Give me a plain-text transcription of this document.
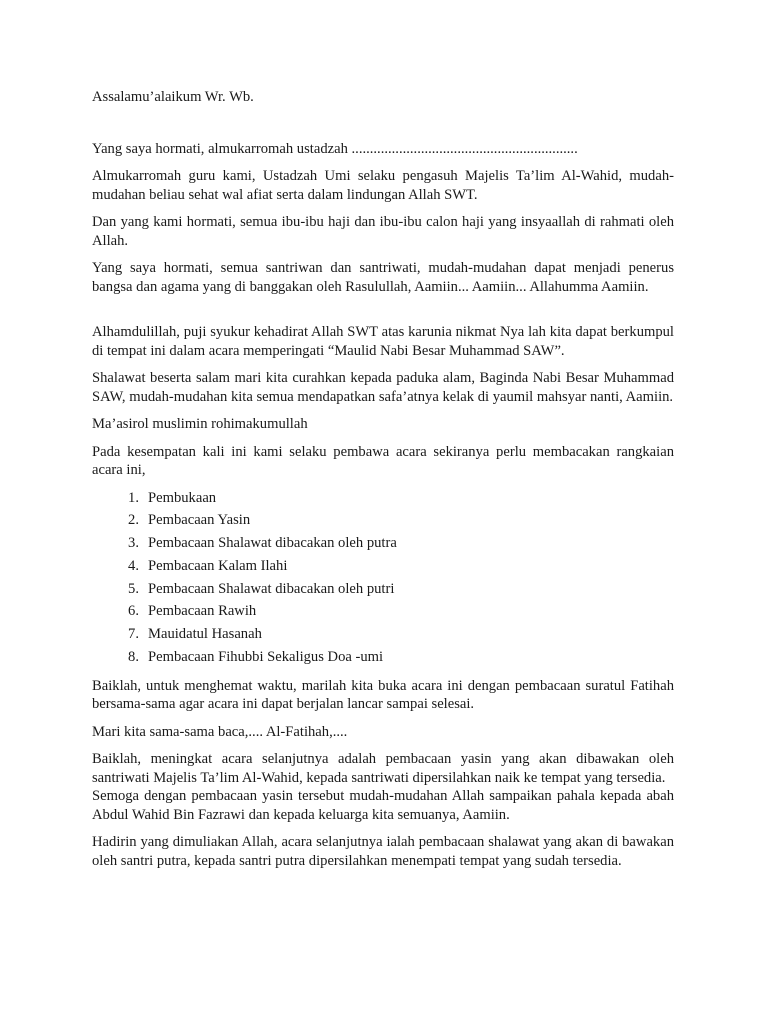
Assalamu’alaikum Wr. Wb.

Yang saya hormati, almukarromah ustadzah ..............................................................

Almukarromah guru kami, Ustadzah Umi selaku pengasuh Majelis Ta’lim Al-Wahid, mudah-mudahan beliau sehat wal afiat serta dalam lindungan Allah SWT.

Dan yang kami hormati, semua ibu-ibu haji dan ibu-ibu calon haji yang insyaallah di rahmati oleh Allah.

Yang saya hormati, semua santriwan dan santriwati, mudah-mudahan dapat menjadi penerus bangsa dan agama yang di banggakan oleh Rasulullah, Aamiin... Aamiin... Allahumma Aamiin.

Alhamdulillah, puji syukur kehadirat Allah SWT atas karunia nikmat Nya lah kita dapat berkumpul di tempat ini dalam acara memperingati “Maulid Nabi Besar Muhammad SAW”.

Shalawat beserta salam mari kita curahkan kepada paduka alam, Baginda Nabi Besar Muhammad SAW, mudah-mudahan kita semua mendapatkan safa’atnya kelak di yaumil mahsyar nanti, Aamiin.

Ma’asirol muslimin rohimakumullah

Pada kesempatan kali ini kami selaku pembawa acara sekiranya perlu membacakan rangkaian acara ini,

1. Pembukaan
2. Pembacaan Yasin
3. Pembacaan Shalawat dibacakan oleh putra
4. Pembacaan Kalam Ilahi
5. Pembacaan Shalawat dibacakan oleh putri
6. Pembacaan Rawih
7. Mauidatul Hasanah
8. Pembacaan Fihubbi Sekaligus Doa -umi

Baiklah, untuk menghemat waktu, marilah kita buka acara ini dengan pembacaan suratul Fatihah bersama-sama agar acara ini dapat berjalan lancar sampai selesai.

Mari kita sama-sama baca,.... Al-Fatihah,....

Baiklah, meningkat acara selanjutnya adalah pembacaan yasin yang akan dibawakan oleh santriwati Majelis Ta’lim Al-Wahid, kepada santriwati dipersilahkan naik ke tempat yang tersedia.

Semoga dengan pembacaan yasin tersebut mudah-mudahan Allah sampaikan pahala kepada abah Abdul Wahid Bin Fazrawi dan kepada keluarga kita semuanya, Aamiin.

Hadirin yang dimuliakan Allah, acara selanjutnya ialah pembacaan shalawat yang akan di bawakan oleh santri putra, kepada santri putra dipersilahkan menempati tempat yang sudah tersedia.
